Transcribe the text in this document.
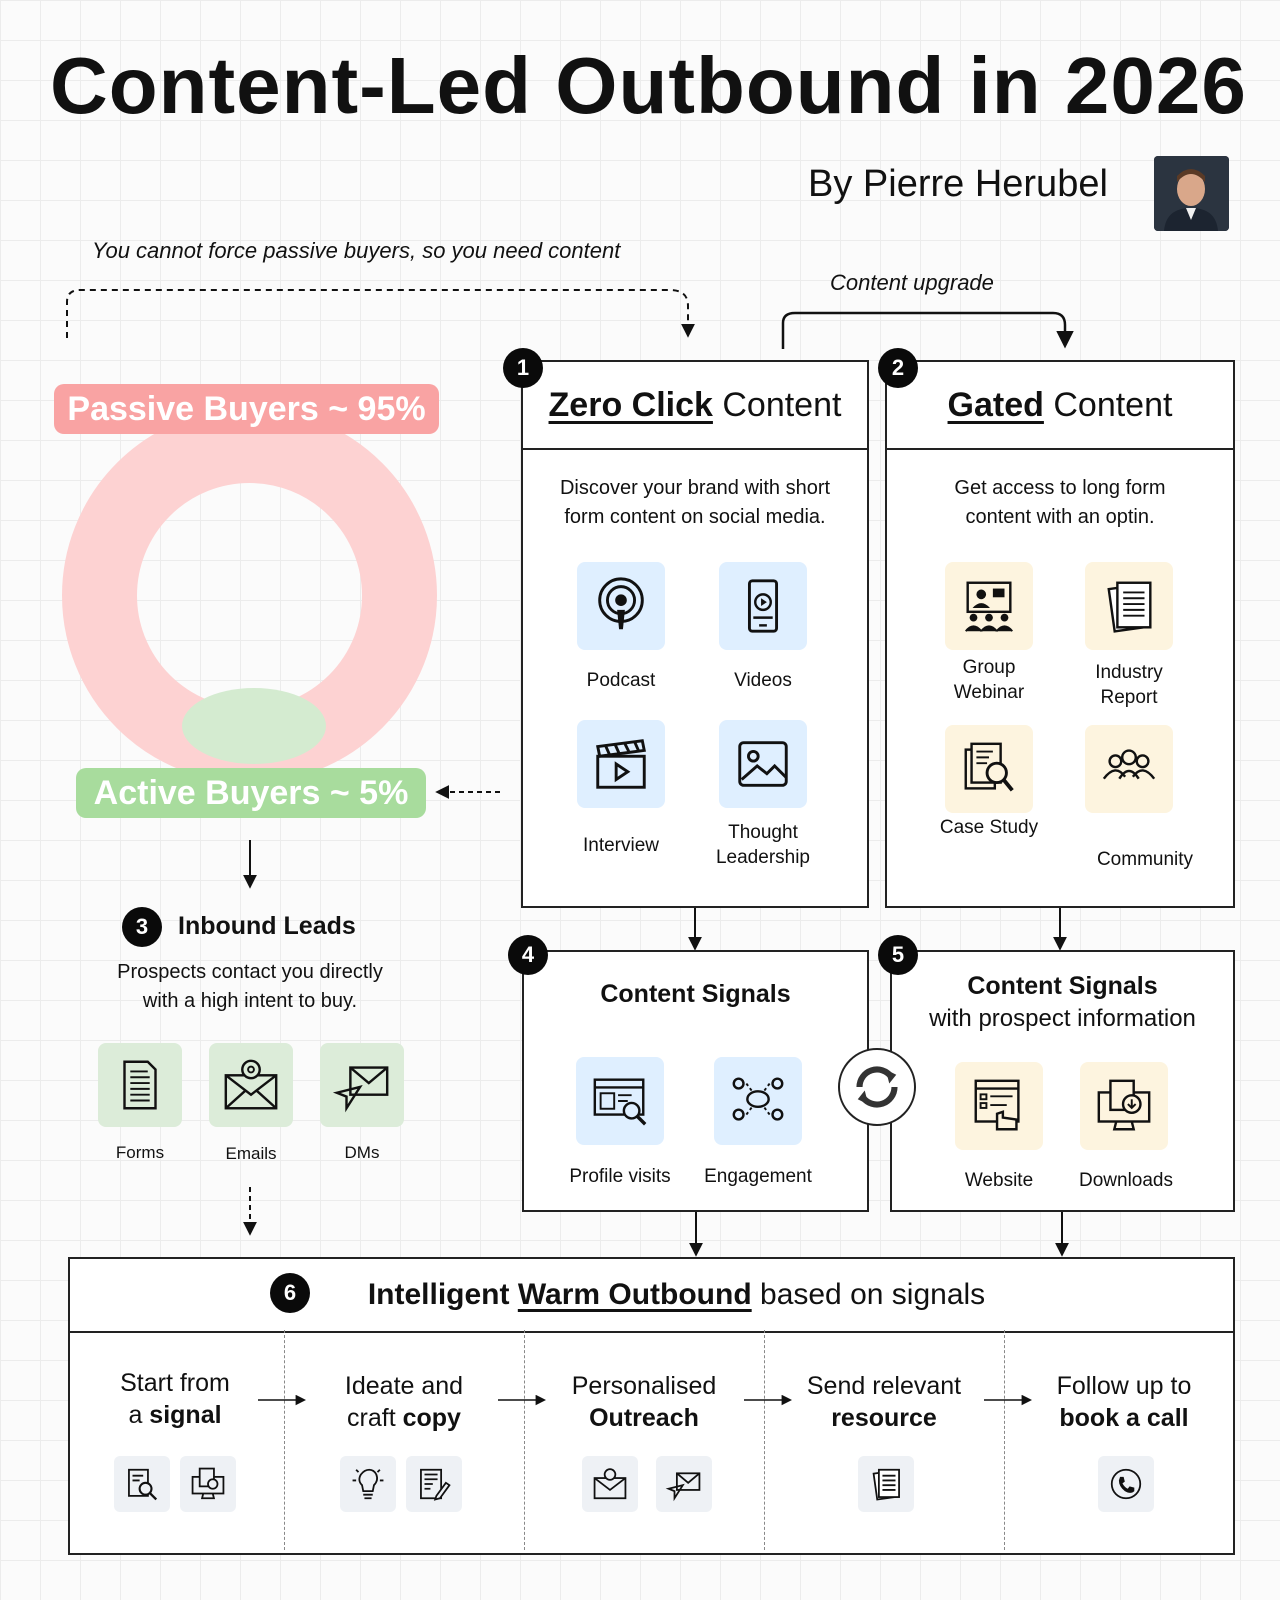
Content-Led Outbound in 2026
By Pierre Herubel
You cannot force passive buyers, so you need content
Content upgrade
Passive Buyers ~ 95%
Active Buyers ~ 5%
1
Zero Click Content
Discover your brand with short form content on social media.
Podcast	Videos
Interview
Thought Leadership
2
Gated Content
Get access to long form content with an optin.
Group Webinar
Industry Report
Case Study
Community
3	Inbound Leads
Prospects contact you directly with a high intent to buy.
Forms	Emails	DMs
4
Content Signals
Profile visits	Engagement
5
Content Signals
with prospect information
Website	Downloads
Intelligent Warm Outbound based on signals
6
Start from
a signal
Ideate and
craft copy
Personalised
Outreach
Send relevant
resource
Follow up to
book a call
